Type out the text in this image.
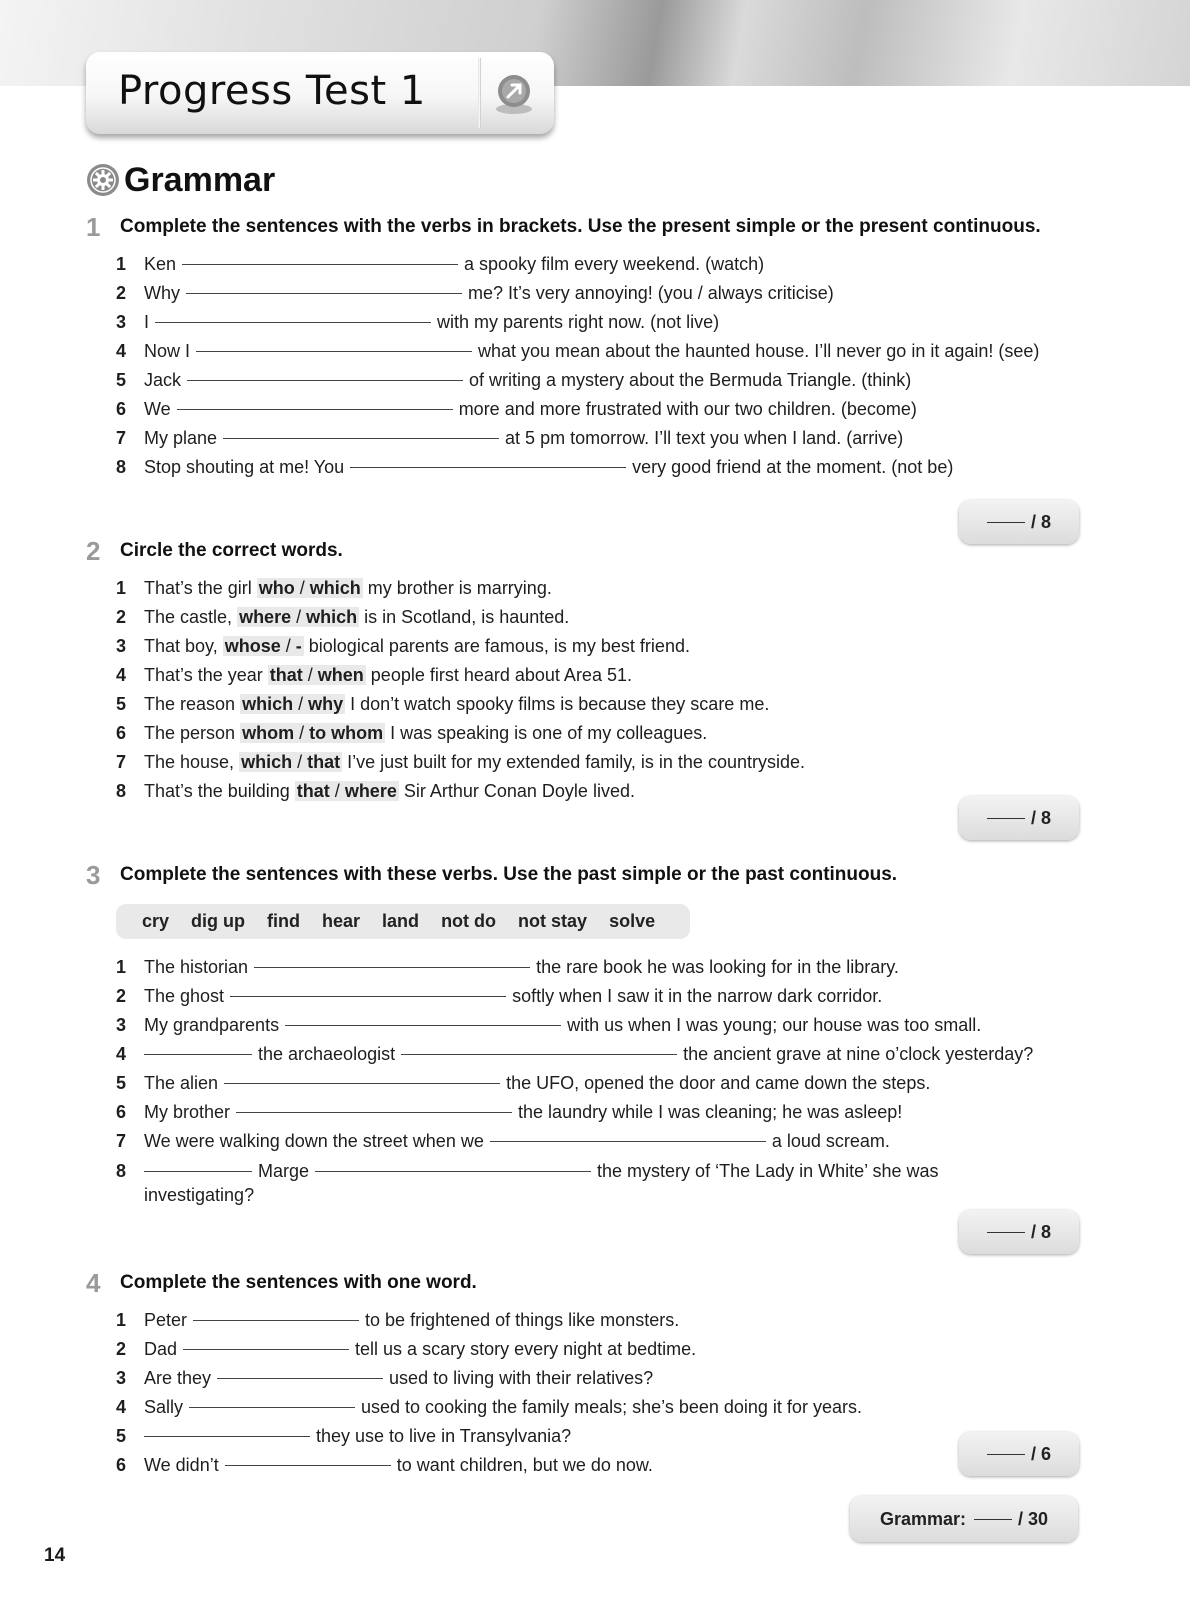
Progress Test 1
Grammar
1 Complete the sentences with the verbs in brackets. Use the present simple or the present continuous.
1 Ken	a spooky film every weekend. (watch)
2 Why	me? It’s very annoying! (you / always criticise)
3 I	with my parents right now. (not live)
4 Now I	what you mean about the haunted house. I’ll never go in it again! (see)
5 Jack	of writing a mystery about the Bermuda Triangle. (think)
6 We	more and more frustrated with our two children. (become)
7 My plane	at 5 pm tomorrow. I’ll text you when I land. (arrive)
8 Stop shouting at me! You	very good friend at the moment. (not be)
/ 8
2 Circle the correct words.
1 That’s the girl who / which my brother is marrying.
2 The castle, where / which is in Scotland, is haunted.
3 That boy, whose / - biological parents are famous, is my best friend.
4 That’s the year that / when people first heard about Area 51.
5 The reason which / why I don’t watch spooky films is because they scare me.
6 The person whom / to whom I was speaking is one of my colleagues.
7 The house, which / that I’ve just built for my extended family, is in the countryside.
8 That’s the building that / where Sir Arthur Conan Doyle lived.
/ 8
3 Complete the sentences with these verbs. Use the past simple or the past continuous.
cry dig up find hear land not do not stay solve
1 The historian	the rare book he was looking for in the library.
2 The ghost	softly when I saw it in the narrow dark corridor.
3 My grandparents	with us when I was young; our house was too small.
4	the archaeologist	the ancient grave at nine o’clock yesterday?
5 The alien	the UFO, opened the door and came down the steps.
6 My brother	the laundry while I was cleaning; he was asleep!
7 We were walking down the street when we	a loud scream.
8	Marge	the mystery of ‘The Lady in White’ she was investigating?
/ 8
4 Complete the sentences with one word.
1 Peter	to be frightened of things like monsters.
2 Dad	tell us a scary story every night at bedtime.
3 Are they	used to living with their relatives?
4 Sally	used to cooking the family meals; she’s been doing it for years.
5	they use to live in Transylvania?
6 We didn’t	to want children, but we do now.
/ 6
Grammar:	/ 30
14
